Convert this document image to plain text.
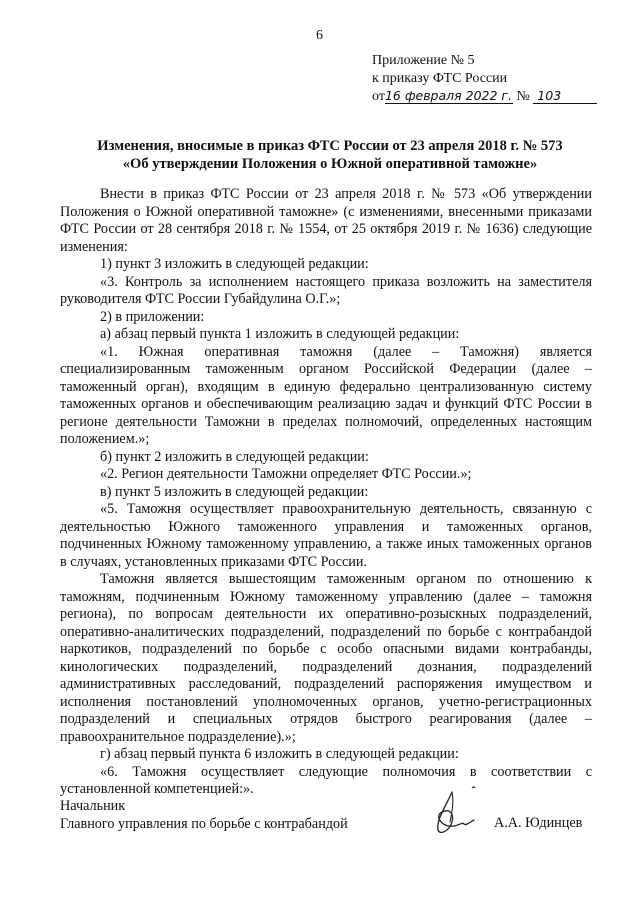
6
Приложение № 5
к приказу ФТС России
от16 февраля 2022 г. № 103
Изменения, вносимые в приказ ФТС России от 23 апреля 2018 г. № 573
«Об утверждении Положения о Южной оперативной таможне»

Внести в приказ ФТС России от 23 апреля 2018 г. № 573 «Об утверждении Положения о Южной оперативной таможне» (с изменениями, внесенными приказами ФТС России от 28 сентября 2018 г. № 1554, от 25 октября 2019 г. № 1636) следующие изменения:

1) пункт 3 изложить в следующей редакции:

«3. Контроль за исполнением настоящего приказа возложить на заместителя руководителя ФТС России Губайдулина О.Г.»;

2) в приложении:

а) абзац первый пункта 1 изложить в следующей редакции:

«1. Южная оперативная таможня (далее – Таможня) является специализированным таможенным органом Российской Федерации (далее – таможенный орган), входящим в единую федерально централизованную систему таможенных органов и обеспечивающим реализацию задач и функций ФТС России в регионе деятельности Таможни в пределах полномочий, определенных настоящим положением.»;

б) пункт 2 изложить в следующей редакции:

«2. Регион деятельности Таможни определяет ФТС России.»;

в) пункт 5 изложить в следующей редакции:

«5. Таможня осуществляет правоохранительную деятельность, связанную с деятельностью Южного таможенного управления и таможенных органов, подчиненных Южному таможенному управлению, а также иных таможенных органов в случаях, установленных приказами ФТС России.

Таможня является вышестоящим таможенным органом по отношению к таможням, подчиненным Южному таможенному управлению (далее – таможня региона), по вопросам деятельности их оперативно-розыскных подразделений, оперативно-аналитических подразделений, подразделений по борьбе с контрабандой наркотиков, подразделений по борьбе с особо опасными видами контрабанды, кинологических подразделений, подразделений дознания, подразделений административных расследований, подразделений распоряжения имуществом и исполнения постановлений уполномоченных органов, учетно-регистрационных подразделений и специальных отрядов быстрого реагирования (далее – правоохранительное подразделение).»;

г) абзац первый пункта 6 изложить в следующей редакции:

«6. Таможня осуществляет следующие полномочия в соответствии с установленной компетенцией:».

Начальник
Главного управления по борьбе с контрабандой	А.А. Юдинцев
